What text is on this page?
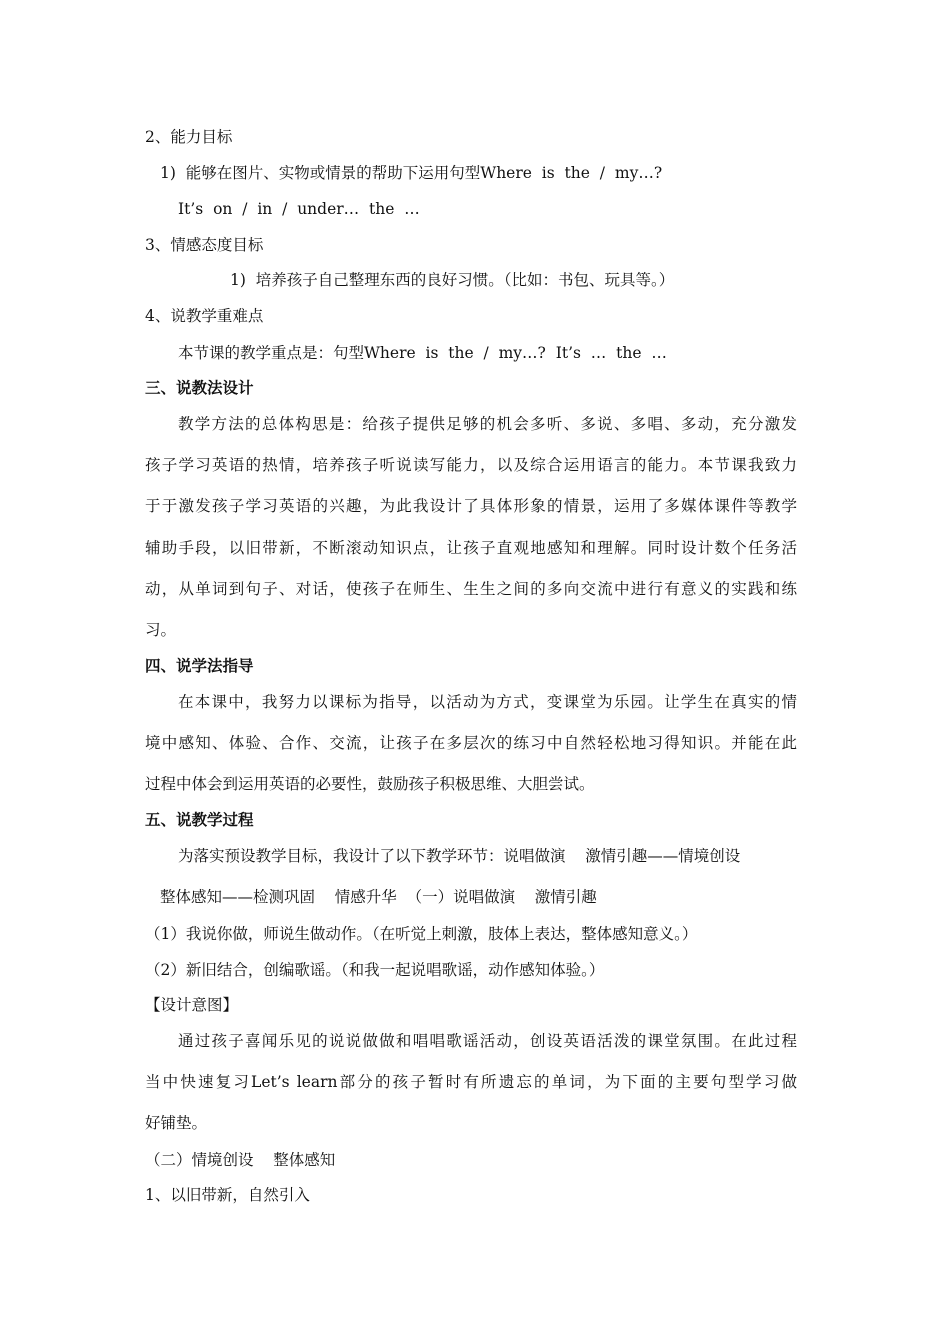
2、能力目标
1)  能够在图片、实物或情景的帮助下运用句型Where  is  the  /  my…?
It’s  on  /  in  /  under…  the  …
3、情感态度目标
1)  培养孩子自己整理东西的良好习惯。（比如：书包、玩具等。）
4、说教学重难点
本节课的教学重点是：句型Where  is  the  /  my…?  It’s  …  the  …
三、说教法设计
教学方法的总体构思是：给孩子提供足够的机会多听、多说、多唱、多动，充分激发
孩子学习英语的热情，培养孩子听说读写能力，以及综合运用语言的能力。本节课我致力
于于激发孩子学习英语的兴趣，为此我设计了具体形象的情景，运用了多媒体课件等教学
辅助手段，以旧带新，不断滚动知识点，让孩子直观地感知和理解。同时设计数个任务活
动，从单词到句子、对话，使孩子在师生、生生之间的多向交流中进行有意义的实践和练
习。
四、说学法指导
在本课中，我努力以课标为指导，以活动为方式，变课堂为乐园。让学生在真实的情
境中感知、体验、合作、交流，让孩子在多层次的练习中自然轻松地习得知识。并能在此
过程中体会到运用英语的必要性，鼓励孩子积极思维、大胆尝试。
五、说教学过程
为落实预设教学目标，我设计了以下教学环节：说唱做演    激情引趣——情境创设
整体感知——检测巩固    情感升华  （一）说唱做演    激情引趣
（1）我说你做，师说生做动作。（在听觉上刺激，肢体上表达，整体感知意义。）
（2）新旧结合，创编歌谣。（和我一起说唱歌谣，动作感知体验。）
【设计意图】
通过孩子喜闻乐见的说说做做和唱唱歌谣活动，创设英语活泼的课堂氛围。在此过程
当中快速复习Let’s learn部分的孩子暂时有所遗忘的单词，为下面的主要句型学习做
好铺垫。
（二）情境创设    整体感知
1、以旧带新，自然引入
